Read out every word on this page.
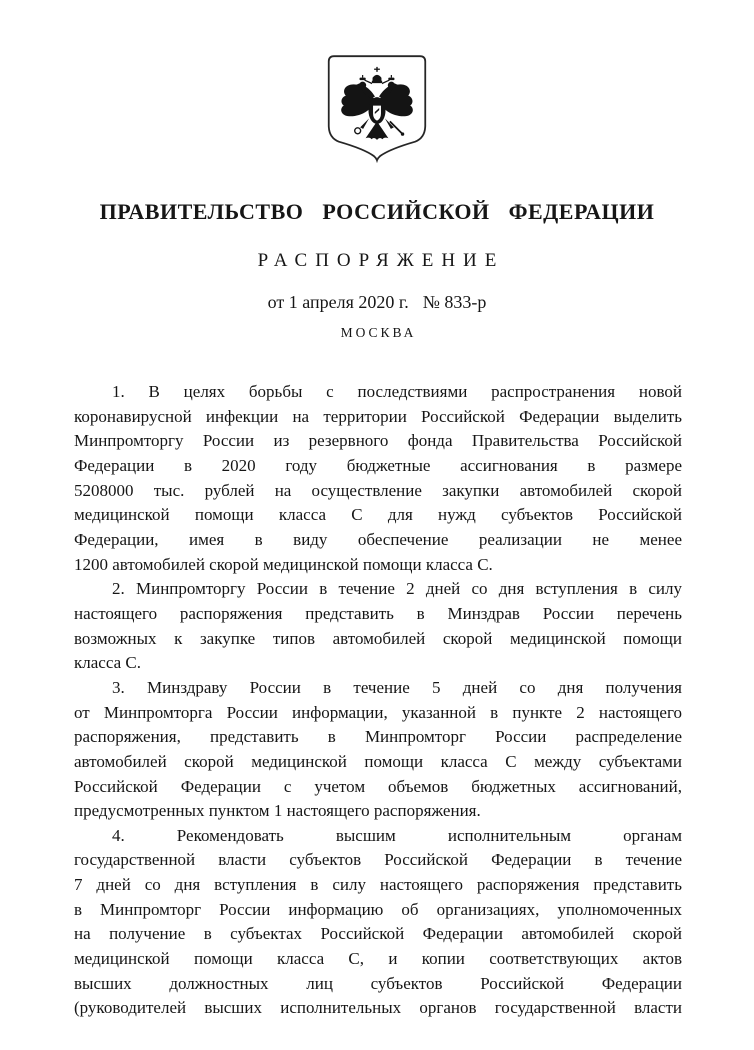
ПРАВИТЕЛЬСТВО РОССИЙСКОЙ ФЕДЕРАЦИИ
РАСПОРЯЖЕНИЕ
от 1 апреля 2020 г. № 833-р
МОСКВА
1. В целях борьбы с последствиями распространения новой
коронавирусной инфекции на территории Российской Федерации выделить
Минпромторгу России из резервного фонда Правительства Российской
Федерации в 2020 году бюджетные ассигнования в размере
5208000 тыс. рублей на осуществление закупки автомобилей скорой
медицинской помощи класса С для нужд субъектов Российской
Федерации, имея в виду обеспечение реализации не менее
1200 автомобилей скорой медицинской помощи класса С.
2. Минпромторгу России в течение 2 дней со дня вступления в силу
настоящего распоряжения представить в Минздрав России перечень
возможных к закупке типов автомобилей скорой медицинской помощи
класса С.
3. Минздраву России в течение 5 дней со дня получения
от Минпромторга России информации, указанной в пункте 2 настоящего
распоряжения, представить в Минпромторг России распределение
автомобилей скорой медицинской помощи класса С между субъектами
Российской Федерации с учетом объемов бюджетных ассигнований,
предусмотренных пунктом 1 настоящего распоряжения.
4. Рекомендовать высшим исполнительным органам
государственной власти субъектов Российской Федерации в течение
7 дней со дня вступления в силу настоящего распоряжения представить
в Минпромторг России информацию об организациях, уполномоченных
на получение в субъектах Российской Федерации автомобилей скорой
медицинской помощи класса С, и копии соответствующих актов
высших должностных лиц субъектов Российской Федерации
(руководителей высших исполнительных органов государственной власти
